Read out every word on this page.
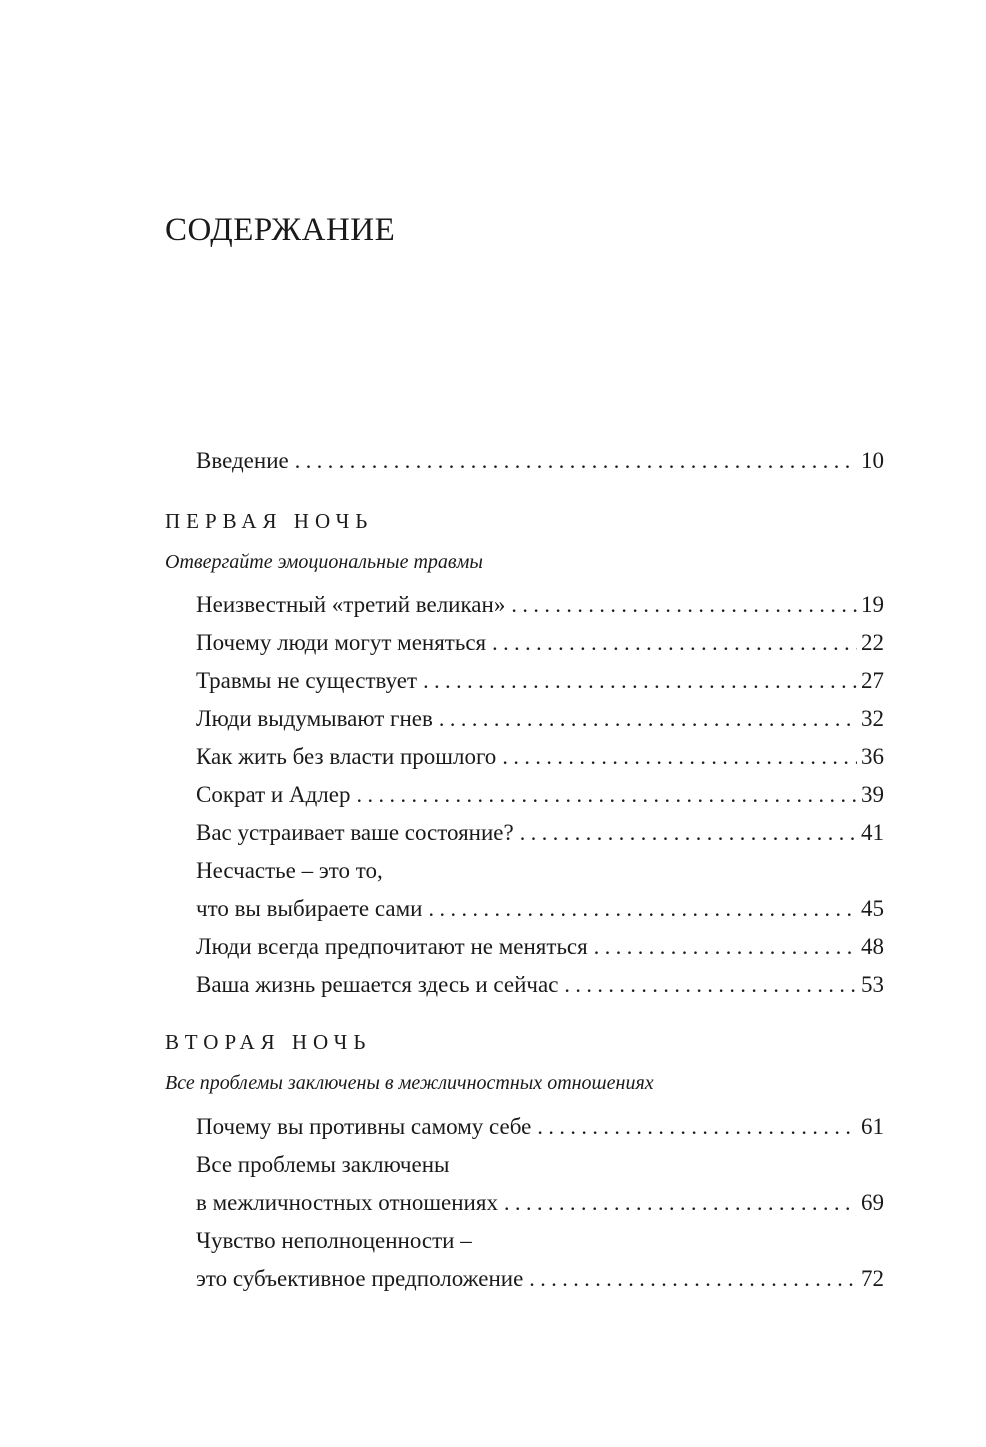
СОДЕРЖАНИЕ
Введение . . .	10
ПЕРВАЯ НОЧЬ
Отвергайте эмоциональные травмы
Неизвестный «третий великан» . . .	19
Почему люди могут меняться . . .	22
Травмы не существует . . .	27
Люди выдумывают гнев . . .	32
Как жить без власти прошлого . . .	36
Сократ и Адлер . . .	39
Вас устраивает ваше состояние? . . .	41
Несчастье – это то,
что вы выбираете сами . . .	45
Люди всегда предпочитают не меняться . . .	48
Ваша жизнь решается здесь и сейчас . . .	53
ВТОРАЯ НОЧЬ
Все проблемы заключены в межличностных отношениях
Почему вы противны самому себе . . .	61
Все проблемы заключены
в межличностных отношениях . . .	69
Чувство неполноценности –
это субъективное предположение . . .	72
